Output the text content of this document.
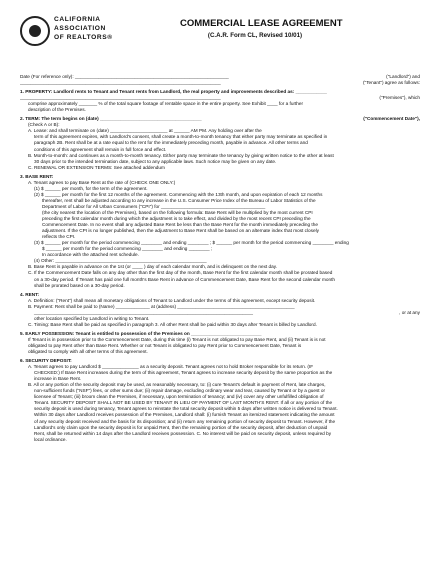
CALIFORNIA
ASSOCIATION
OF REALTORS®
COMMERCIAL LEASE AGREEMENT
(C.A.R. Form CL, Revised 10/01)
Date (For reference only): ___________________________________________________________	("Landlord") and
_____________________________________________________________________________	("Tenant") agree as follows:
1. PROPERTY: Landlord rents to Tenant and Tenant rents from Landlord, the real property and improvements described as: ____________
_____________________________________________________________________________	("Premises"), which
comprise approximately _______ % of the total square footage of rentable space in the entire property. See Exhibit ____ for a further
description of the Premises.
2. TERM: The term begins on (date) _______________________________________	("Commencement Date"),
(Check A or B):
A. Lease: and shall terminate on (date) ______________________ at ______ AM PM. Any holding over after the
term of this agreement expires, with Landlord's consent, shall create a month-to-month tenancy that either party may terminate as specified in
paragraph 2B. Rent shall be at a rate equal to the rent for the immediately preceding month, payable in advance. All other terms and
conditions of this agreement shall remain in full force and effect.
B. Month-to-month: and continues as a month-to-month tenancy. Either party may terminate the tenancy by giving written notice to the other at least
30 days prior to the intended termination date, subject to any applicable laws. Such notice may be given on any date.
C. RENEWAL OR EXTENSION TERMS: See attached addendum
3. BASE RENT:
A. Tenant agrees to pay Base Rent at the rate of (CHECK ONE ONLY:)
(1) $ ______ per month, for the term of the agreement.
(2) $ ______ per month for the first 12 months of the agreement. Commencing with the 13th month, and upon expiration of each 12 months
thereafter, rent shall be adjusted according to any increase in the U.S. Consumer Price Index of the Bureau of Labor Statistics of the
Department of Labor for All Urban Consumers ("CPI") for ________________________________________
(the city nearest the location of the Premises), based on the following formula: Base Rent will be multiplied by the most current CPI
preceding the first calendar month during which the adjustment is to take effect, and divided by the most recent CPI preceding the
Commencement Date. In no event shall any adjusted Base Rent be less than the Base Rent for the month immediately preceding the
adjustment. If the CPI is no longer published, then the adjustment to Base Rent shall be based on an alternate index that most closely
reflects the CPI.
(3) $ ______ per month for the period commencing ________ and ending ________ ; $ ______ per month for the period commencing ________ ending
$ ______ per month for the period commencing ________ and ending ________ ;
In accordance with the attached rent schedule.
(4) Other: __________________________________________________________
B. Base Rent is payable in advance on the 1st (or ____ ) day of each calendar month, and is delinquent on the next day.
C. If the Commencement Date falls on any day other than the first day of the month, Base Rent for the first calendar month shall be prorated based
on a 30-day period. If Tenant has paid one full month's Base Rent in advance of Commencement Date, Base Rent for the second calendar month
shall be prorated based on a 30-day period.
4. RENT:
A. Definition: ("Rent") shall mean all monetary obligations of Tenant to Landlord under the terms of this agreement, except security deposit.
B. Payment: Rent shall be paid to (Name) _____________ at (address) _____________________________________________
____________________________________________________________________________________	, or at any
other location specified by Landlord in writing to Tenant.
C. Timing: Base Rent shall be paid as specified in paragraph 3. All other Rent shall be paid within 30 days after Tenant is billed by Landlord.
5. EARLY POSSESSION: Tenant is entitled to possession of the Premises on ___________________________
If Tenant is in possession prior to the Commencement Date, during this time (i) Tenant is not obligated to pay Base Rent, and (ii) Tenant is is not
obligated to pay Rent other than Base Rent. Whether or not Tenant is obligated to pay Rent prior to Commencement Date, Tenant is
obligated to comply with all other terms of this agreement.
6. SECURITY DEPOSIT:
A. Tenant agrees to pay Landlord $ ______________ as a security deposit. Tenant agrees not to hold Broker responsible for its return. (IF
CHECKED:) If Base Rent increases during the term of this agreement, Tenant agrees to increase security deposit by the same proportion as the
increase in Base Rent.
B. All or any portion of the security deposit may be used, as reasonably necessary, to: (i) cure Tenant's default in payment of Rent, late charges,
non-sufficient funds ("NSF") fees, or other sums due; (ii) repair damage, excluding ordinary wear and tear, caused by Tenant or by a guest or
licensee of Tenant; (iii) broom clean the Premises, if necessary, upon termination of tenancy; and (iv) cover any other unfulfilled obligation of
Tenant. SECURITY DEPOSIT SHALL NOT BE USED BY TENANT IN LIEU OF PAYMENT OF LAST MONTH'S RENT. If all or any portion of the
security deposit is used during tenancy, Tenant agrees to reinstate the total security deposit within 5 days after written notice is delivered to Tenant.
Within 30 days after Landlord receives possession of the Premises, Landlord shall: (i) furnish Tenant an itemized statement indicating the amount
of any security deposit received and the basis for its disposition; and (ii) return any remaining portion of security deposit to Tenant. However, if the
Landlord's only claim upon the security deposit is for unpaid Rent, then the remaining portion of the security deposit, after deduction of unpaid
Rent, shall be returned within 14 days after the Landlord receives possession. C. No interest will be paid on security deposit, unless required by
local ordinance.
